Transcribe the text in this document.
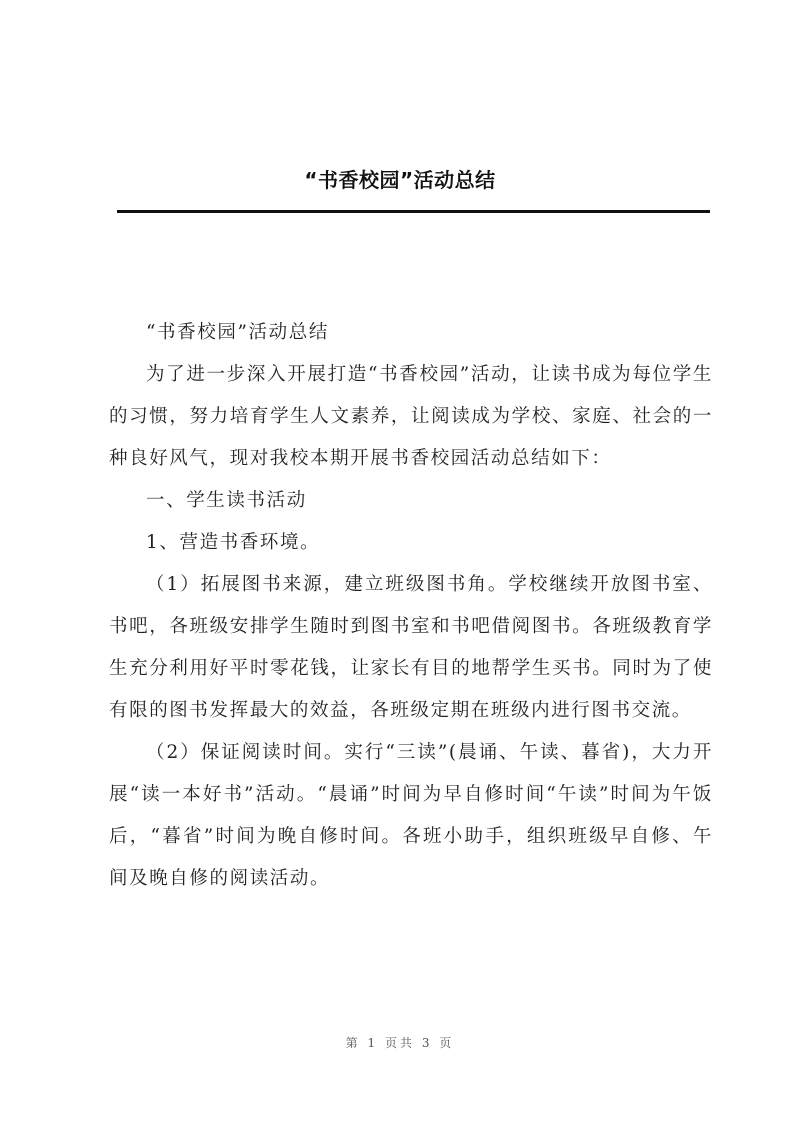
“书香校园”活动总结

“书香校园”活动总结

为了进一步深入开展打造“书香校园”活动，让读书成为每位学生的习惯，努力培育学生人文素养，让阅读成为学校、家庭、社会的一种良好风气，现对我校本期开展书香校园活动总结如下：

一、学生读书活动

1、营造书香环境。

（1）拓展图书来源，建立班级图书角。学校继续开放图书室、书吧，各班级安排学生随时到图书室和书吧借阅图书。各班级教育学生充分利用好平时零花钱，让家长有目的地帮学生买书。同时为了使有限的图书发挥最大的效益，各班级定期在班级内进行图书交流。

（2）保证阅读时间。实行“三读”(晨诵、午读、暮省)，大力开展“读一本好书”活动。“晨诵”时间为早自修时间“午读”时间为午饭后，“暮省”时间为晚自修时间。各班小助手，组织班级早自修、午间及晚自修的阅读活动。

第 1 页共 3 页
